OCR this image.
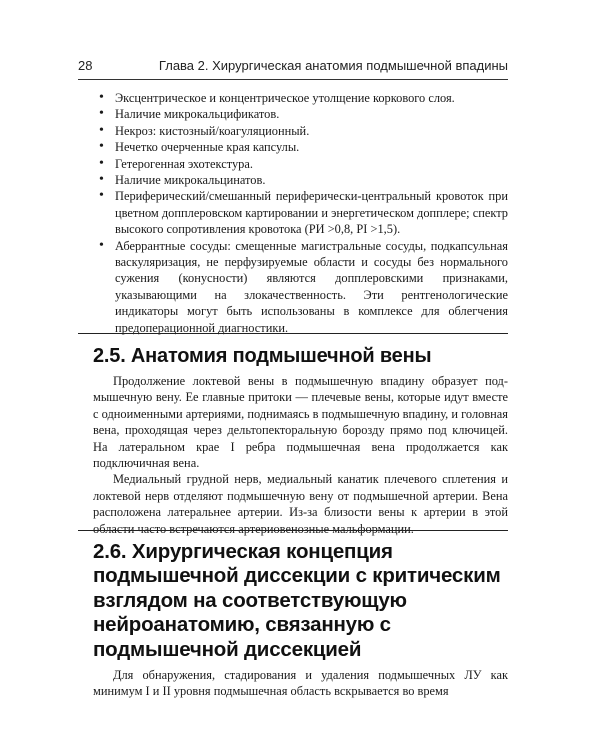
28	Глава 2. Хирургическая анатомия подмышечной впадины
• Эксцентрическое и концентрическое утолщение коркового слоя.
• Наличие микрокальцификатов.
• Некроз: кистозный/коагуляционный.
• Нечетко очерченные края капсулы.
• Гетерогенная эхотекстура.
• Наличие микрокальцинатов.
• Периферический/смешанный периферически-центральный кровоток при цветном допплеровском картировании и энергетическом допплере; спектр высокого сопротивления кровотока (РИ >0,8, PI >1,5).
• Аберрантные сосуды: смещенные магистральные сосуды, подкапсульная васкуляризация, не перфузируемые области и сосуды без нормального сужения (конусности) являются допплеровскими признаками, указывающими на злокачественность. Эти рентгенологические индикаторы могут быть использованы в комплексе для облегчения предоперационной диагностики.
2.5. Анатомия подмышечной вены

Продолжение локтевой вены в подмышечную впадину образует подмышечную вену. Ее главные притоки — плечевые вены, которые идут вместе с одноименными артериями, поднимаясь в подмышечную впадину, и головная вена, проходящая через дельтопекторальную борозду прямо под ключицей. На латеральном крае I ребра подмышечная вена продолжается как подключичная вена.

Медиальный грудной нерв, медиальный канатик плечевого сплетения и локтевой нерв отделяют подмышечную вену от подмышечной артерии. Вена расположена латеральнее артерии. Из-за близости вены к артерии в этой области часто встречаются артериовенозные мальформации.

2.6. Хирургическая концепция подмышечной диссекции с критическим взглядом на соответствующую нейроанатомию, связанную с подмышечной диссекцией

Для обнаружения, стадирования и удаления подмышечных ЛУ как минимум I и II уровня подмышечная область вскрывается во время
